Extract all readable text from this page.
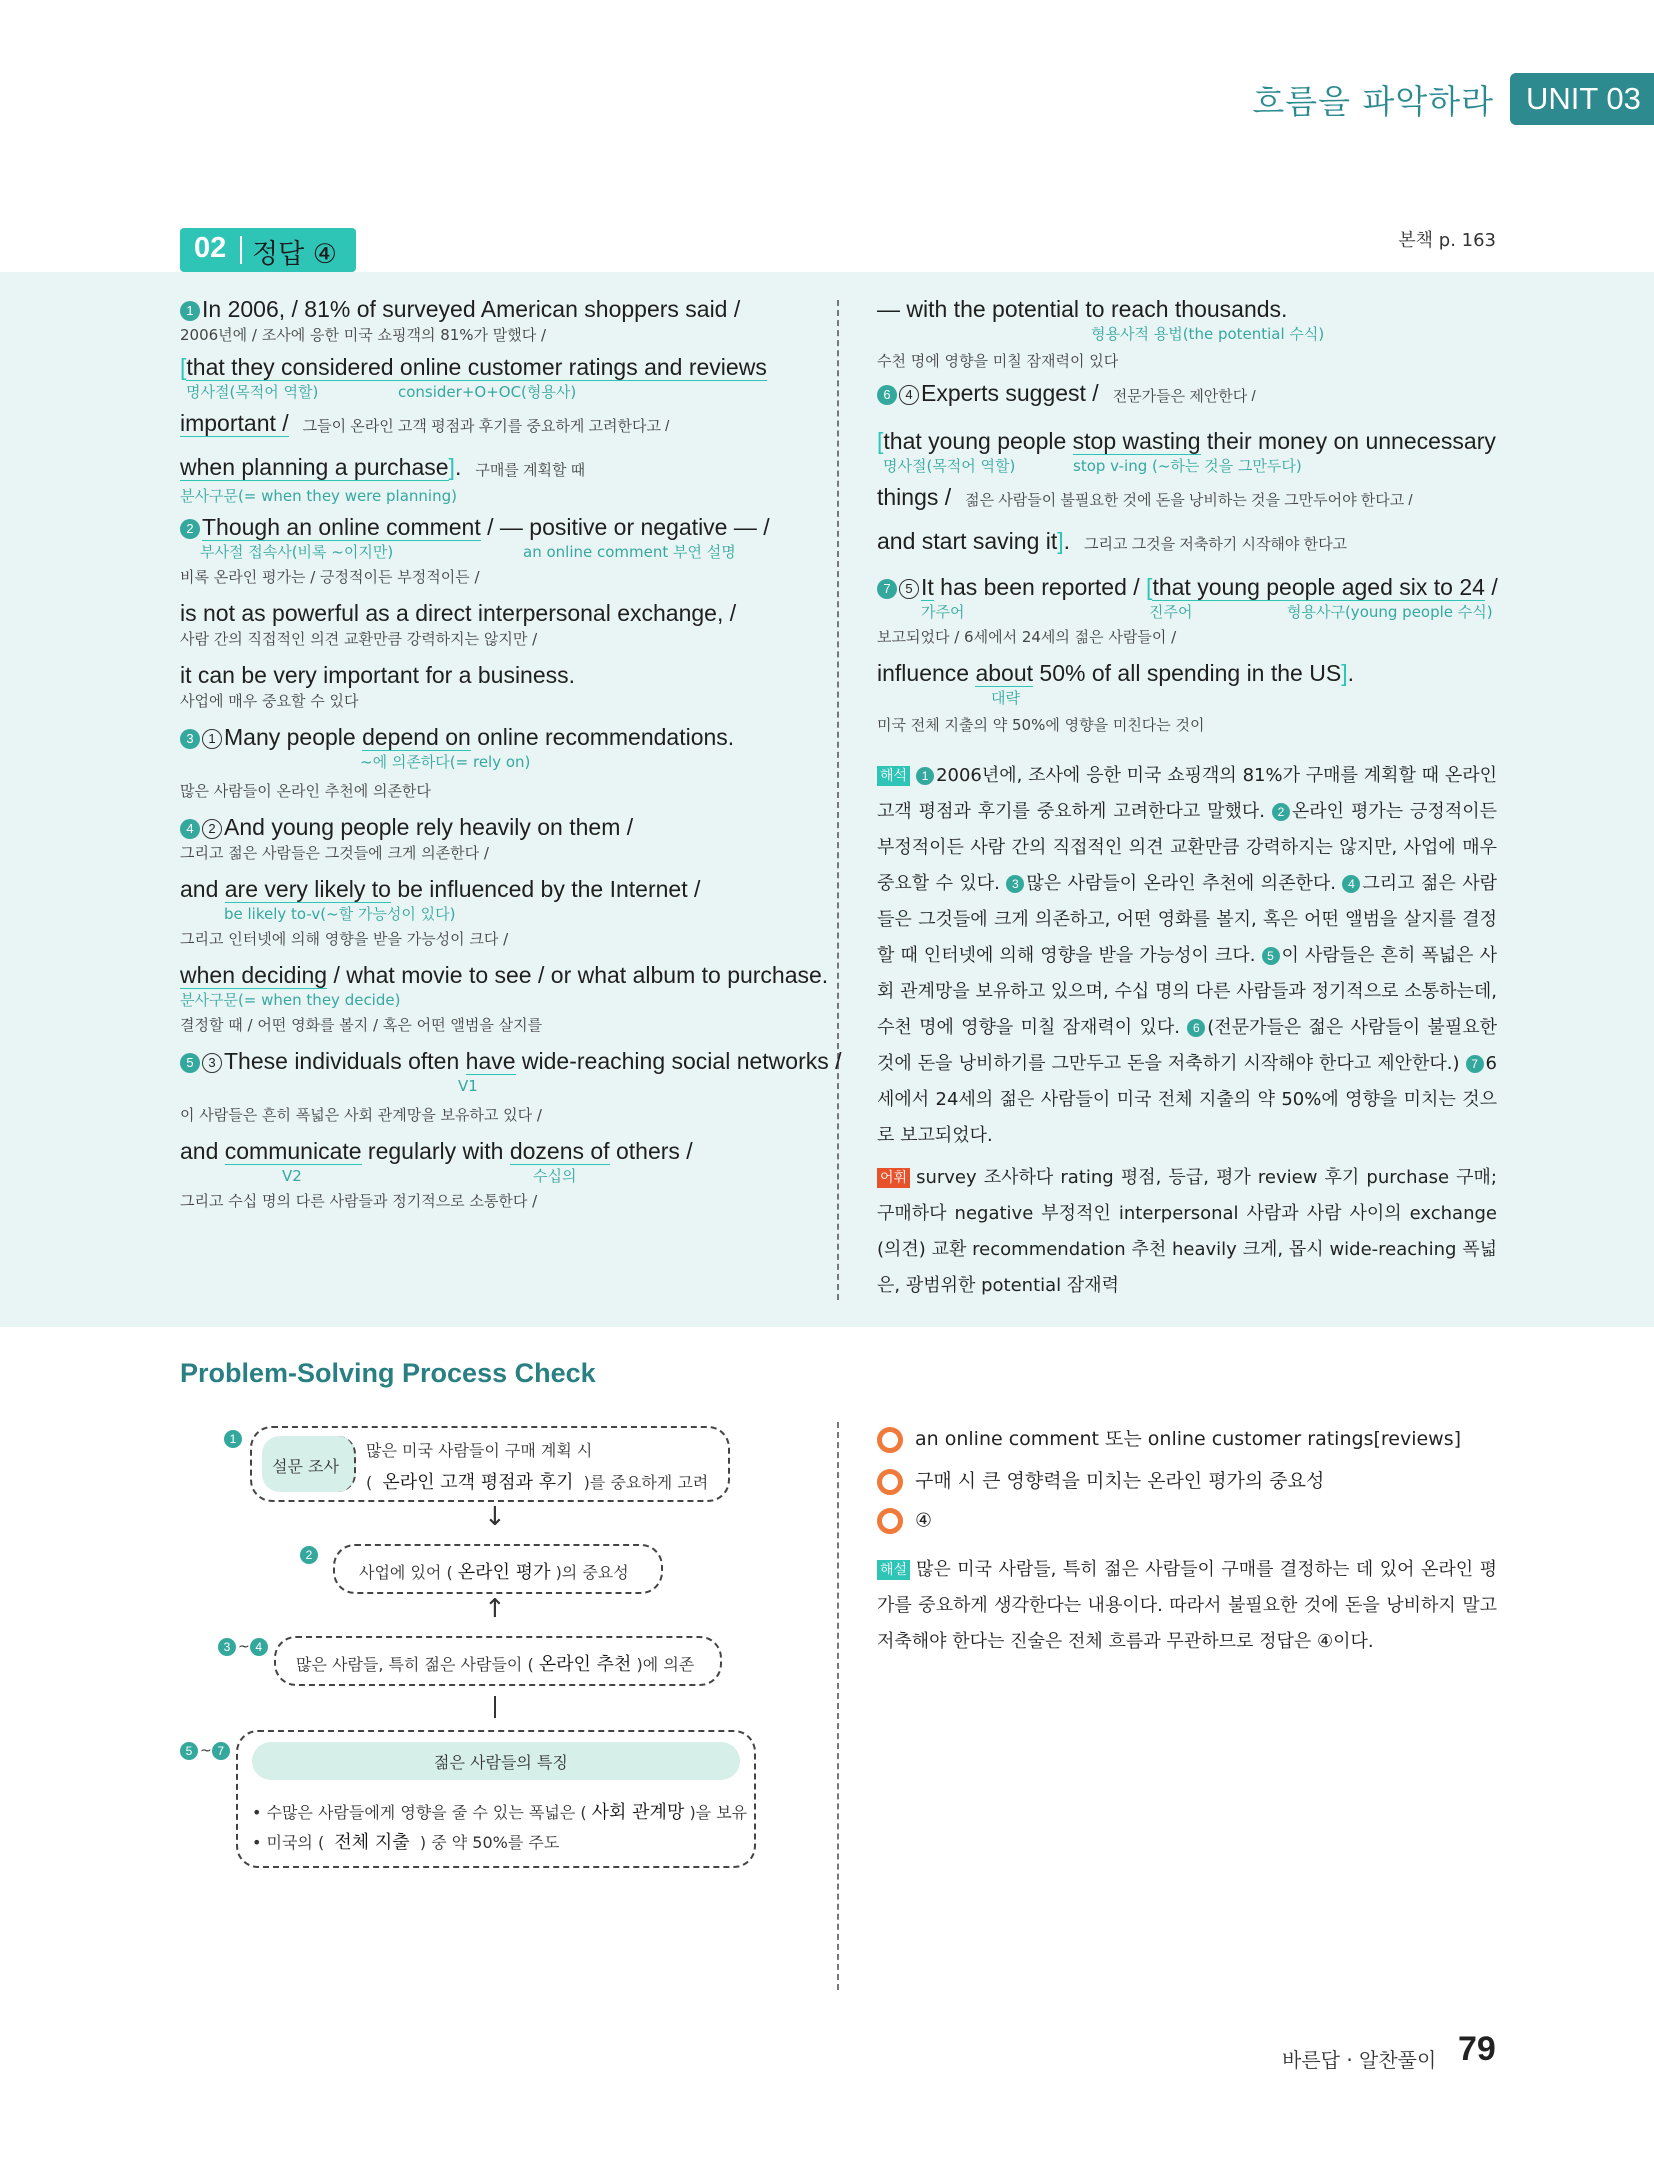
흐름을 파악하라	UNIT 03
02 정답 ④	본책 p. 163
1 In 2006, / 81% of surveyed American shoppers said /
2006년에 / 조사에 응한 미국 쇼핑객의 81%가 말했다 /
[that they considered online customer ratings and reviews
명사절(목적어 역할)	consider+O+OC(형용사)
important / 그들이 온라인 고객 평점과 후기를 중요하게 고려한다고 /
when planning a purchase]. 구매를 계획할 때
분사구문(= when they were planning)
2 Though an online comment / — positive or negative — /
부사절 접속사(비록 ~이지만)	an online comment 부연 설명
비록 온라인 평가는 / 긍정적이든 부정적이든 /
is not as powerful as a direct interpersonal exchange, /
사람 간의 직접적인 의견 교환만큼 강력하지는 않지만 /
it can be very important for a business.
사업에 매우 중요할 수 있다
3 1 Many people depend on online recommendations.
~에 의존하다(= rely on)
많은 사람들이 온라인 추천에 의존한다
4 2 And young people rely heavily on them /
그리고 젊은 사람들은 그것들에 크게 의존한다 /
and are very likely to be influenced by the Internet /
be likely to-v(~할 가능성이 있다)
그리고 인터넷에 의해 영향을 받을 가능성이 크다 /
when deciding / what movie to see / or what album to purchase.
분사구문(= when they decide)
결정할 때 / 어떤 영화를 볼지 / 혹은 어떤 앨범을 살지를
5 3 These individuals often have wide-reaching social networks /
V1
이 사람들은 흔히 폭넓은 사회 관계망을 보유하고 있다 /
and communicate regularly with dozens of others /
V2	수십의
그리고 수십 명의 다른 사람들과 정기적으로 소통한다 /
— with the potential to reach thousands.
형용사적 용법(the potential 수식)
수천 명에 영향을 미칠 잠재력이 있다
6 4 Experts suggest / 전문가들은 제안한다 /
[that young people stop wasting their money on unnecessary
명사절(목적어 역할)	stop v-ing (~하는 것을 그만두다)
things / 젊은 사람들이 불필요한 것에 돈을 낭비하는 것을 그만두어야 한다고 /
and start saving it]. 그리고 그것을 저축하기 시작해야 한다고
7 5 It has been reported / [that young people aged six to 24 /
가주어	진주어	형용사구(young people 수식)
보고되었다 / 6세에서 24세의 젊은 사람들이 /
influence about 50% of all spending in the US].
대략
미국 전체 지출의 약 50%에 영향을 미친다는 것이
해석 1 2006년에, 조사에 응한 미국 쇼핑객의 81%가 구매를 계획할 때 온라인 고객 평점과 후기를 중요하게 고려한다고 말했다. 2 온라인 평가는 긍정적이든 부정적이든 사람 간의 직접적인 의견 교환만큼 강력하지는 않지만, 사업에 매우 중요할 수 있다. 3 많은 사람들이 온라인 추천에 의존한다. 4 그리고 젊은 사람들은 그것들에 크게 의존하고, 어떤 영화를 볼지, 혹은 어떤 앨범을 살지를 결정할 때 인터넷에 의해 영향을 받을 가능성이 크다. 5 이 사람들은 흔히 폭넓은 사회 관계망을 보유하고 있으며, 수십 명의 다른 사람들과 정기적으로 소통하는데, 수천 명에 영향을 미칠 잠재력이 있다. 6 (전문가들은 젊은 사람들이 불필요한 것에 돈을 낭비하기를 그만두고 돈을 저축하기 시작해야 한다고 제안한다.) 7 6세에서 24세의 젊은 사람들이 미국 전체 지출의 약 50%에 영향을 미치는 것으로 보고되었다.
어휘 survey 조사하다 rating 평점, 등급, 평가 review 후기 purchase 구매; 구매하다 negative 부정적인 interpersonal 사람과 사람 사이의 exchange (의견) 교환 recommendation 추천 heavily 크게, 몹시 wide-reaching 폭넓은, 광범위한 potential 잠재력
Problem-Solving Process Check
1
설문 조사
많은 미국 사람들이 구매 계획 시
( 온라인 고객 평점과 후기 )를 중요하게 고려
↓
2
사업에 있어 ( 온라인 평가 )의 중요성
↑
3 ~ 4
많은 사람들, 특히 젊은 사람들이 ( 온라인 추천 )에 의존
5 ~ 7
젊은 사람들의 특징
• 수많은 사람들에게 영향을 줄 수 있는 폭넓은 ( 사회 관계망 )을 보유
• 미국의 ( 전체 지출 ) 중 약 50%를 주도
an online comment 또는 online customer ratings[reviews]
구매 시 큰 영향력을 미치는 온라인 평가의 중요성
④
해설 많은 미국 사람들, 특히 젊은 사람들이 구매를 결정하는 데 있어 온라인 평가를 중요하게 생각한다는 내용이다. 따라서 불필요한 것에 돈을 낭비하지 말고 저축해야 한다는 진술은 전체 흐름과 무관하므로 정답은 ④이다.
바른답 · 알찬풀이 79
